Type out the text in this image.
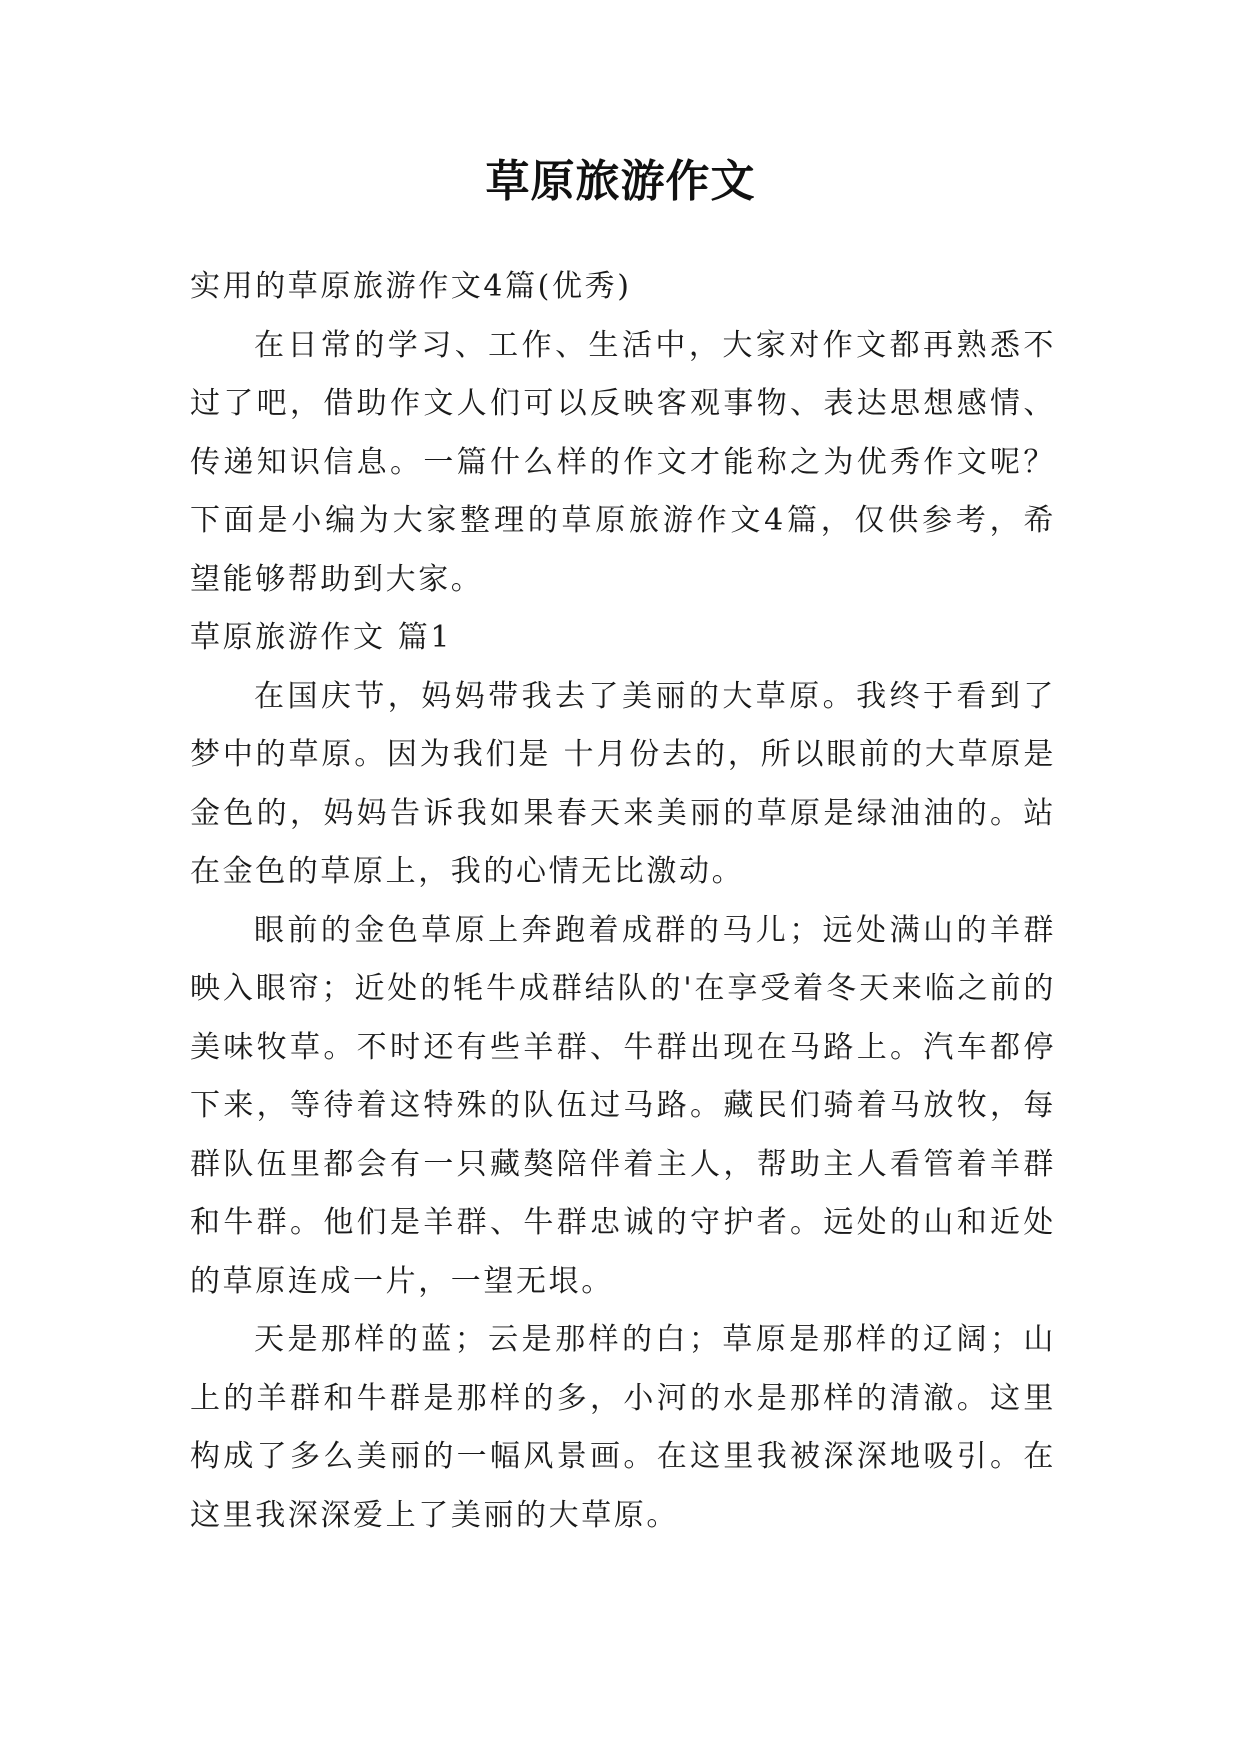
草原旅游作文

实用的草原旅游作文4篇(优秀)

在日常的学习、工作、生活中，大家对作文都再熟悉不过了吧，借助作文人们可以反映客观事物、表达思想感情、传递知识信息。一篇什么样的作文才能称之为优秀作文呢？下面是小编为大家整理的草原旅游作文4篇，仅供参考，希望能够帮助到大家。

草原旅游作文 篇1

在国庆节，妈妈带我去了美丽的大草原。我终于看到了梦中的草原。因为我们是 十月份去的，所以眼前的大草原是金色的，妈妈告诉我如果春天来美丽的草原是绿油油的。站在金色的草原上，我的心情无比激动。

眼前的金色草原上奔跑着成群的马儿；远处满山的羊群映入眼帘；近处的牦牛成群结队的'在享受着冬天来临之前的美味牧草。不时还有些羊群、牛群出现在马路上。汽车都停下来，等待着这特殊的队伍过马路。藏民们骑着马放牧，每群队伍里都会有一只藏獒陪伴着主人，帮助主人看管着羊群和牛群。他们是羊群、牛群忠诚的守护者。远处的山和近处的草原连成一片，一望无垠。

天是那样的蓝；云是那样的白；草原是那样的辽阔；山上的羊群和牛群是那样的多，小河的水是那样的清澈。这里构成了多么美丽的一幅风景画。在这里我被深深地吸引。在这里我深深爱上了美丽的大草原。
